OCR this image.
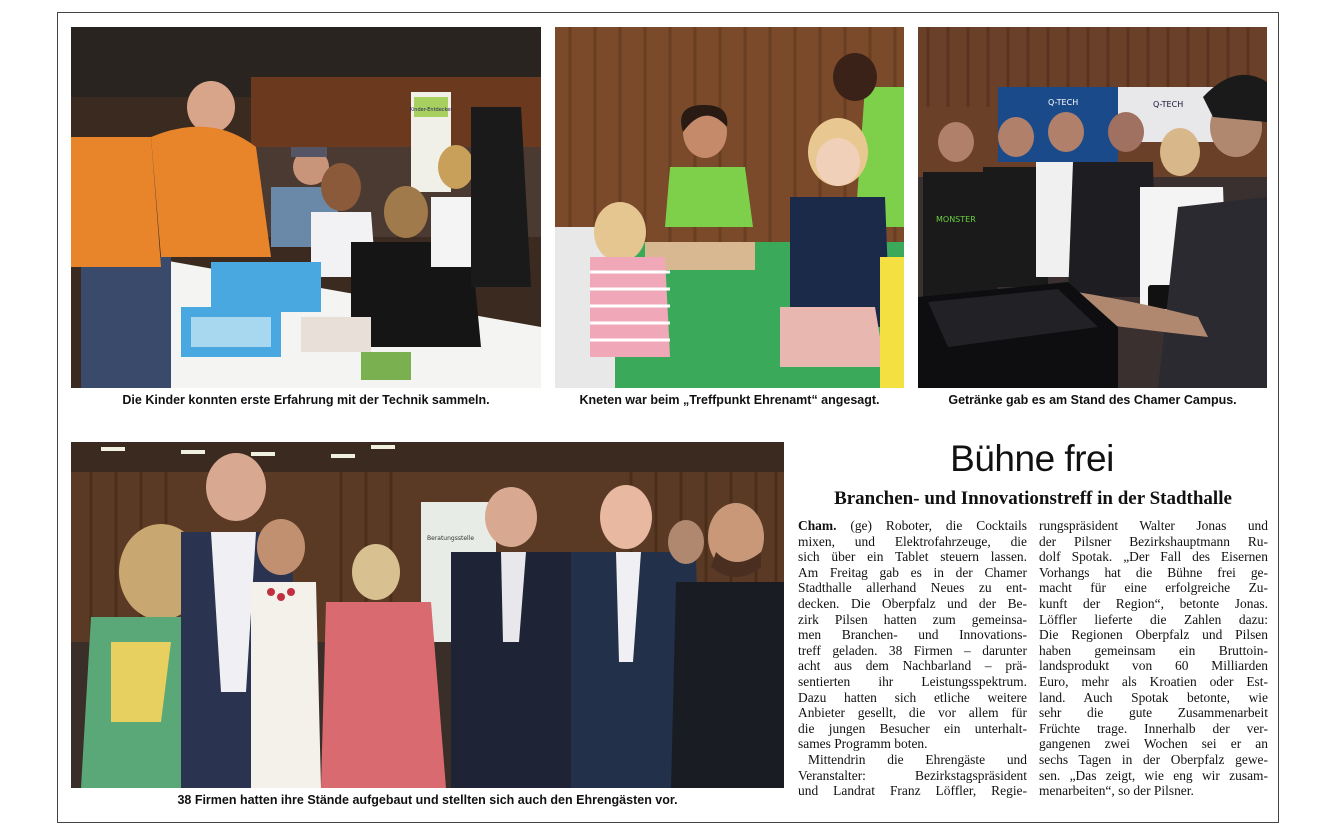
Kinder-Entdecker
Die Kinder konnten erste Erfahrung mit der Technik sammeln.	Kneten war beim „Treffpunkt Ehrenamt“ angesagt.
Q-TECH	Q-TECH
MONSTER
Getränke gab es am Stand des Chamer Campus.
Beratungsstelle
38 Firmen hatten ihre Stände aufgebaut und stellten sich auch den Ehrengästen vor.
Bühne frei
Branchen- und Innovationstreff in der Stadthalle
Cham. (ge) Roboter, die Cocktails
mixen, und Elektrofahrzeuge, die
sich über ein Tablet steuern lassen.
Am Freitag gab es in der Chamer
Stadthalle allerhand Neues zu ent-
decken. Die Oberpfalz und der Be-
zirk Pilsen hatten zum gemeinsa-
men Branchen- und Innovations-
treff geladen. 38 Firmen – darunter
acht aus dem Nachbarland – prä-
sentierten ihr Leistungsspektrum.
Dazu hatten sich etliche weitere
Anbieter gesellt, die vor allem für
die jungen Besucher ein unterhalt-
sames Programm boten.
Mittendrin die Ehrengäste und
Veranstalter: Bezirkstagspräsident
und Landrat Franz Löffler, Regie-
rungspräsident Walter Jonas und
der Pilsner Bezirkshauptmann Ru-
dolf Spotak. „Der Fall des Eisernen
Vorhangs hat die Bühne frei ge-
macht für eine erfolgreiche Zu-
kunft der Region“, betonte Jonas.
Löffler lieferte die Zahlen dazu:
Die Regionen Oberpfalz und Pilsen
haben gemeinsam ein Bruttoin-
landsprodukt von 60 Milliarden
Euro, mehr als Kroatien oder Est-
land. Auch Spotak betonte, wie
sehr die gute Zusammenarbeit
Früchte trage. Innerhalb der ver-
gangenen zwei Wochen sei er an
sechs Tagen in der Oberpfalz gewe-
sen. „Das zeigt, wie eng wir zusam-
menarbeiten“, so der Pilsner.
